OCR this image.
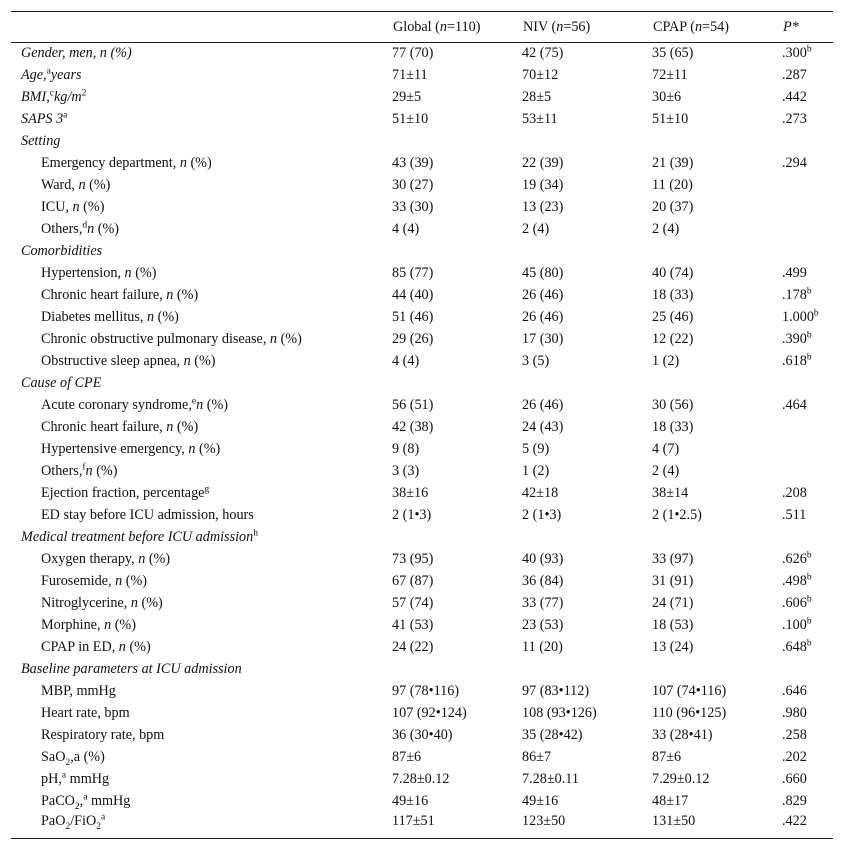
	Global (n=110)	NIV (n=56)	CPAP (n=54)	P*
Gender, men, n (%)	77 (70)	42 (75)	35 (65)	.300$^b$
Age,$^a$years	71±11	70±12	72±11	.287
$BMI,^ckg/m^2$	29±5	28±5	30±6	.442
SAPS 3$^a$	51±10	53±11	51±10	.273
Setting				
Emergency department, n (%)	43 (39)	22 (39)	21 (39)	.294
Ward, n (%)	30 (27)	19 (34)	11 (20)	
ICU, n (%)	33 (30)	13 (23)	20 (37)	
Others,$^d$n (%)	4 (4)	2 (4)	2 (4)	
Comorbidities				
Hypertension, n (%)	85 (77)	45 (80)	40 (74)	.499
Chronic heart failure, n (%)	44 (40)	26 (46)	18 (33)	.178$^b$
Diabetes mellitus, n (%)	51 (46)	26 (46)	25 (46)	1.000$^b$
Chronic obstructive pulmonary disease, n (%)	29 (26)	17 (30)	12 (22)	.390$^b$
Obstructive sleep apnea, n (%)	4 (4)	3 (5)	1 (2)	.618$^b$
Cause of CPE				
Acute coronary syndrome,$^e$n (%)	56 (51)	26 (46)	30 (56)	.464
Chronic heart failure, n (%)	42 (38)	24 (43)	18 (33)	
Hypertensive emergency, n (%)	9 (8)	5 (9)	4 (7)	
Others,$^f$n (%)	3 (3)	1 (2)	2 (4)	
Ejection fraction, percentage$^g$	38±16	42±18	38±14	.208
ED stay before ICU admission, hours	2 (1•3)	2 (1•3)	2 (1•2.5)	.511
Medical treatment before ICU admission$^h$				
Oxygen therapy, n (%)	73 (95)	40 (93)	33 (97)	.626$^b$
Furosemide, n (%)	67 (87)	36 (84)	31 (91)	.498$^b$
Nitroglycerine, n (%)	57 (74)	33 (77)	24 (71)	.606$^b$
Morphine, n (%)	41 (53)	23 (53)	18 (53)	.100$^b$
CPAP in ED, n (%)	24 (22)	11 (20)	13 (24)	.648$^b$
Baseline parameters at ICU admission				
MBP, mmHg	97 (78•116)	97 (83•112)	107 (74•116)	.646
Heart rate, bpm	107 (92•124)	108 (93•126)	110 (96•125)	.980
Respiratory rate, bpm	36 (30•40)	35 (28•42)	33 (28•41)	.258
SaO$_2$,a (%)	87±6	86±7	87±6	.202
pH,$^a$ mmHg	7.28±0.12	7.28±0.11	7.29±0.12	.660
PaCO$_2$,$^a$ mmHg	49±16	49±16	48±17	.829
PaO$_2$/FiO$_2^a$	117±51	123±50	131±50	.422
